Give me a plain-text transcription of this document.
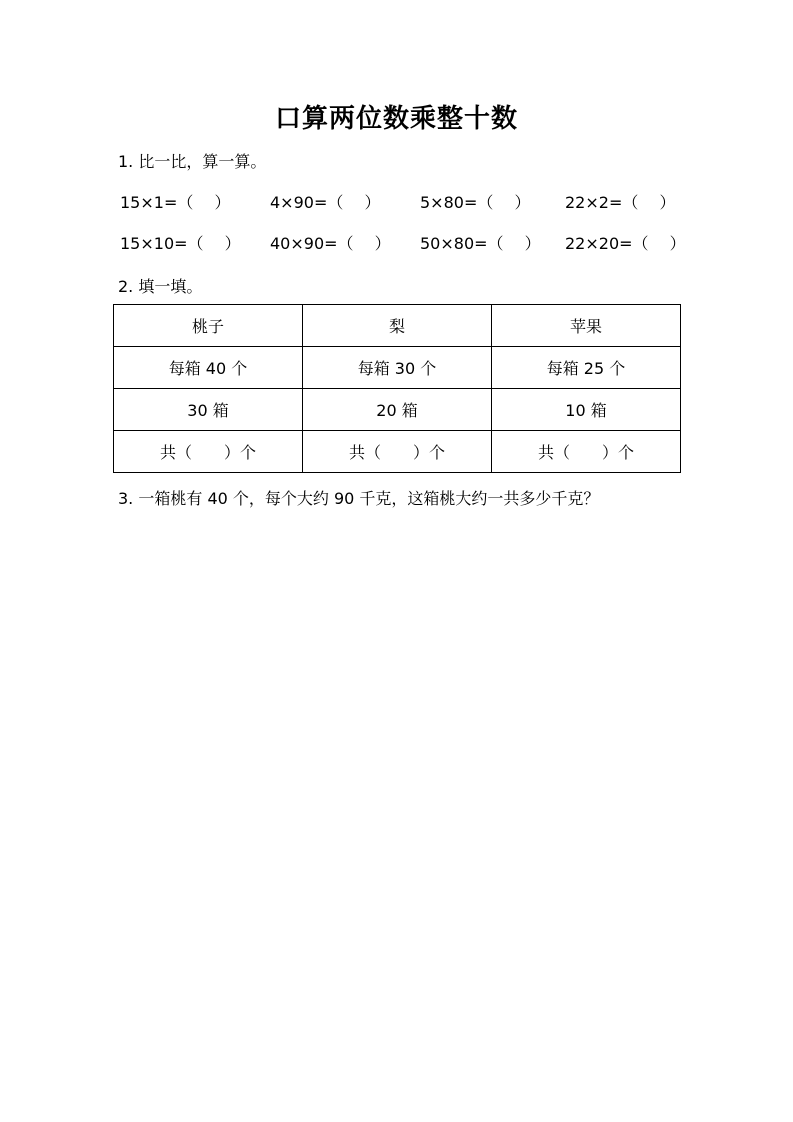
口算两位数乘整十数
1. 比一比，算一算。
15×1=（　 ） 4×90=（　 ） 5×80=（　 ） 22×2=（　 ）
15×10=（　 ） 40×90=（　 ） 50×80=（　 ） 22×20=（　 ）
2. 填一填。
桃子	梨	苹果
每箱 40 个	每箱 30 个	每箱 25 个
30 箱	20 箱	10 箱
共（　　）个	共（　　）个	共（　　）个
3. 一箱桃有 40 个，每个大约 90 千克，这箱桃大约一共多少千克？
